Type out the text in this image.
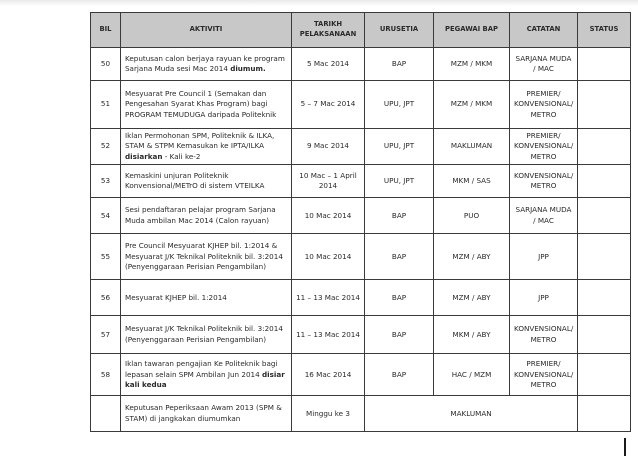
BIL	AKTIVITI	TARIKH PELAKSANAAN	URUSETIA	PEGAWAI BAP	CATATAN	STATUS
50	Keputusan calon berjaya rayuan ke program Sarjana Muda sesi Mac 2014 diumum.	5 Mac 2014	BAP	MZM / MKM	SARJANA MUDA / MAC	
51	Mesyuarat Pre Council 1 (Semakan dan Pengesahan Syarat Khas Program) bagi PROGRAM TEMUDUGA daripada Politeknik	5 – 7 Mac 2014	UPU, JPT	MZM / MKM	PREMIER/ KONVENSIONAL/ METRO	
52	Iklan Permohonan SPM, Politeknik & ILKA, STAM & STPM Kemasukan ke IPTA/ILKA disiarkan - Kali ke-2	9 Mac 2014	UPU, JPT	MAKLUMAN	PREMIER/ KONVENSIONAL/ METRO	
53	Kemaskini unjuran Politeknik Konvensional/METrO di sistem VTEILKA	10 Mac – 1 April 2014	UPU, JPT	MKM / SAS	KONVENSIONAL/ METRO	
54	Sesi pendaftaran pelajar program Sarjana Muda ambilan Mac 2014 (Calon rayuan)	10 Mac 2014	BAP	PUO	SARJANA MUDA / MAC	
55	Pre Council Mesyuarat KJHEP bil. 1:2014 & Mesyuarat J/K Teknikal Politeknik bil. 3:2014 (Penyenggaraan Perisian Pengambilan)	10 Mac 2014	BAP	MZM / ABY	JPP	
56	Mesyuarat KJHEP bil. 1:2014	11 – 13 Mac 2014	BAP	MZM / ABY	JPP	
57	Mesyuarat J/K Teknikal Politeknik bil. 3:2014 (Penyenggaraan Perisian Pengambilan)	11 – 13 Mac 2014	BAP	MKM / ABY	KONVENSIONAL/ METRO	
58	Iklan tawaran pengajian Ke Politeknik bagi lepasan selain SPM Ambilan Jun 2014 disiar kali kedua	16 Mac 2014	BAP	HAC / MZM	PREMIER/ KONVENSIONAL/ METRO	
	Keputusan Peperiksaan Awam 2013 (SPM & STAM) di jangkakan diumumkan	Minggu ke 3	MAKLUMAN			
